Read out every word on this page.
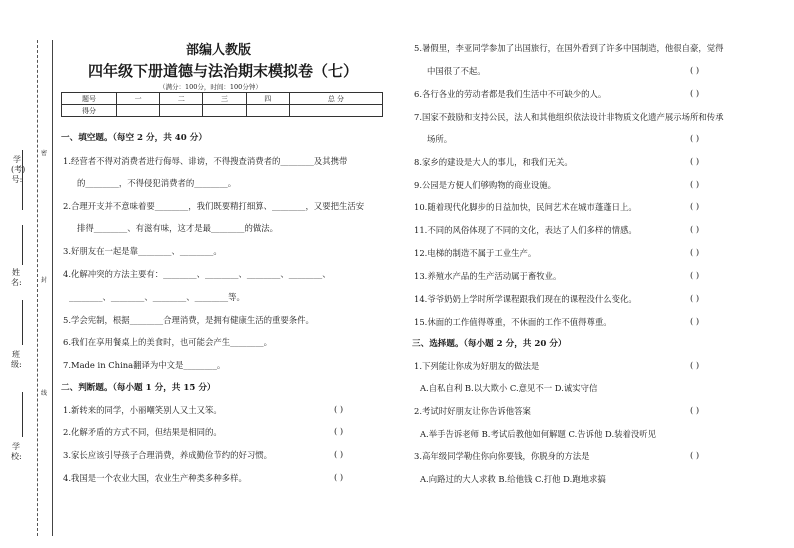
密
封
线
学(考)号:
姓名:
班级:
学校:
部编人教版
四年级下册道德与法治期末模拟卷（七）
（满分：100分，时间：100分钟）
题号	一	二	三	四	总 分
得分					
一、填空题。（每空 2 分，共 40 分）
1.经营者不得对消费者进行侮辱、诽谤，不得搜查消费者的________及其携带
的________，不得侵犯消费者的________。
2.合理开支并不意味着要________，我们既要精打细算、________，又要把生活安
排得________、有滋有味，这才是最________的做法。
3.好朋友在一起是靠________、________。
4.化解冲突的方法主要有：________、________、________、________、
________、________、________、________等。
5.学会宪制，根据________合理消费，是拥有健康生活的重要条件。
6.我们在享用餐桌上的美食时，也可能会产生________。
7.Made in China翻译为中文是________。
二、判断题。（每小题 1 分，共 15 分）
1.新转来的同学，小丽嘲笑别人又土又笨。	( )
2.化解矛盾的方式不同，但结果是相同的。	( )
3.家长应该引导孩子合理消费，养成勤俭节约的好习惯。	( )
4.我国是一个农业大国，农业生产种类多种多样。	( )
5.暑假里，李亚同学参加了出国旅行，在国外看到了许多中国制造，他很自豪，觉得
中国很了不起。	( )
6.各行各业的劳动者都是我们生活中不可缺少的人。	( )
7.国家不鼓励和支持公民，法人和其他组织依法设计非物质文化遗产展示场所和传承
场所。	( )
8.家乡的建设是大人的事儿，和我们无关。	( )
9.公园是方便人们够购物的商业设施。	( )
10.随着现代化脚步的日益加快，民间艺术在城市蓬蓬日上。	( )
11.不同的风俗体现了不同的文化，表达了人们多样的情感。	( )
12.电梯的制造不属于工业生产。	( )
13.养殖水产品的生产活动属于畜牧业。	( )
14.爷爷奶奶上学时所学课程跟我们现在的课程没什么变化。	( )
15.休面的工作值得尊重，不休面的工作不值得尊重。	( )
三、选择题。（每小题 2 分，共 20 分）
1.下列能让你成为好朋友的做法是	( )
A.自私自利 B.以大欺小 C.意见不一 D.诚实守信
2.考试时好朋友让你告诉他答案	( )
A.举手告诉老师 B.考试后教他如何解题 C.告诉他 D.装着没听见
3.高年级同学勒住你向你要钱，你脱身的方法是	( )
A.向路过的大人求救 B.给他钱 C.打他 D.跑地求搞
